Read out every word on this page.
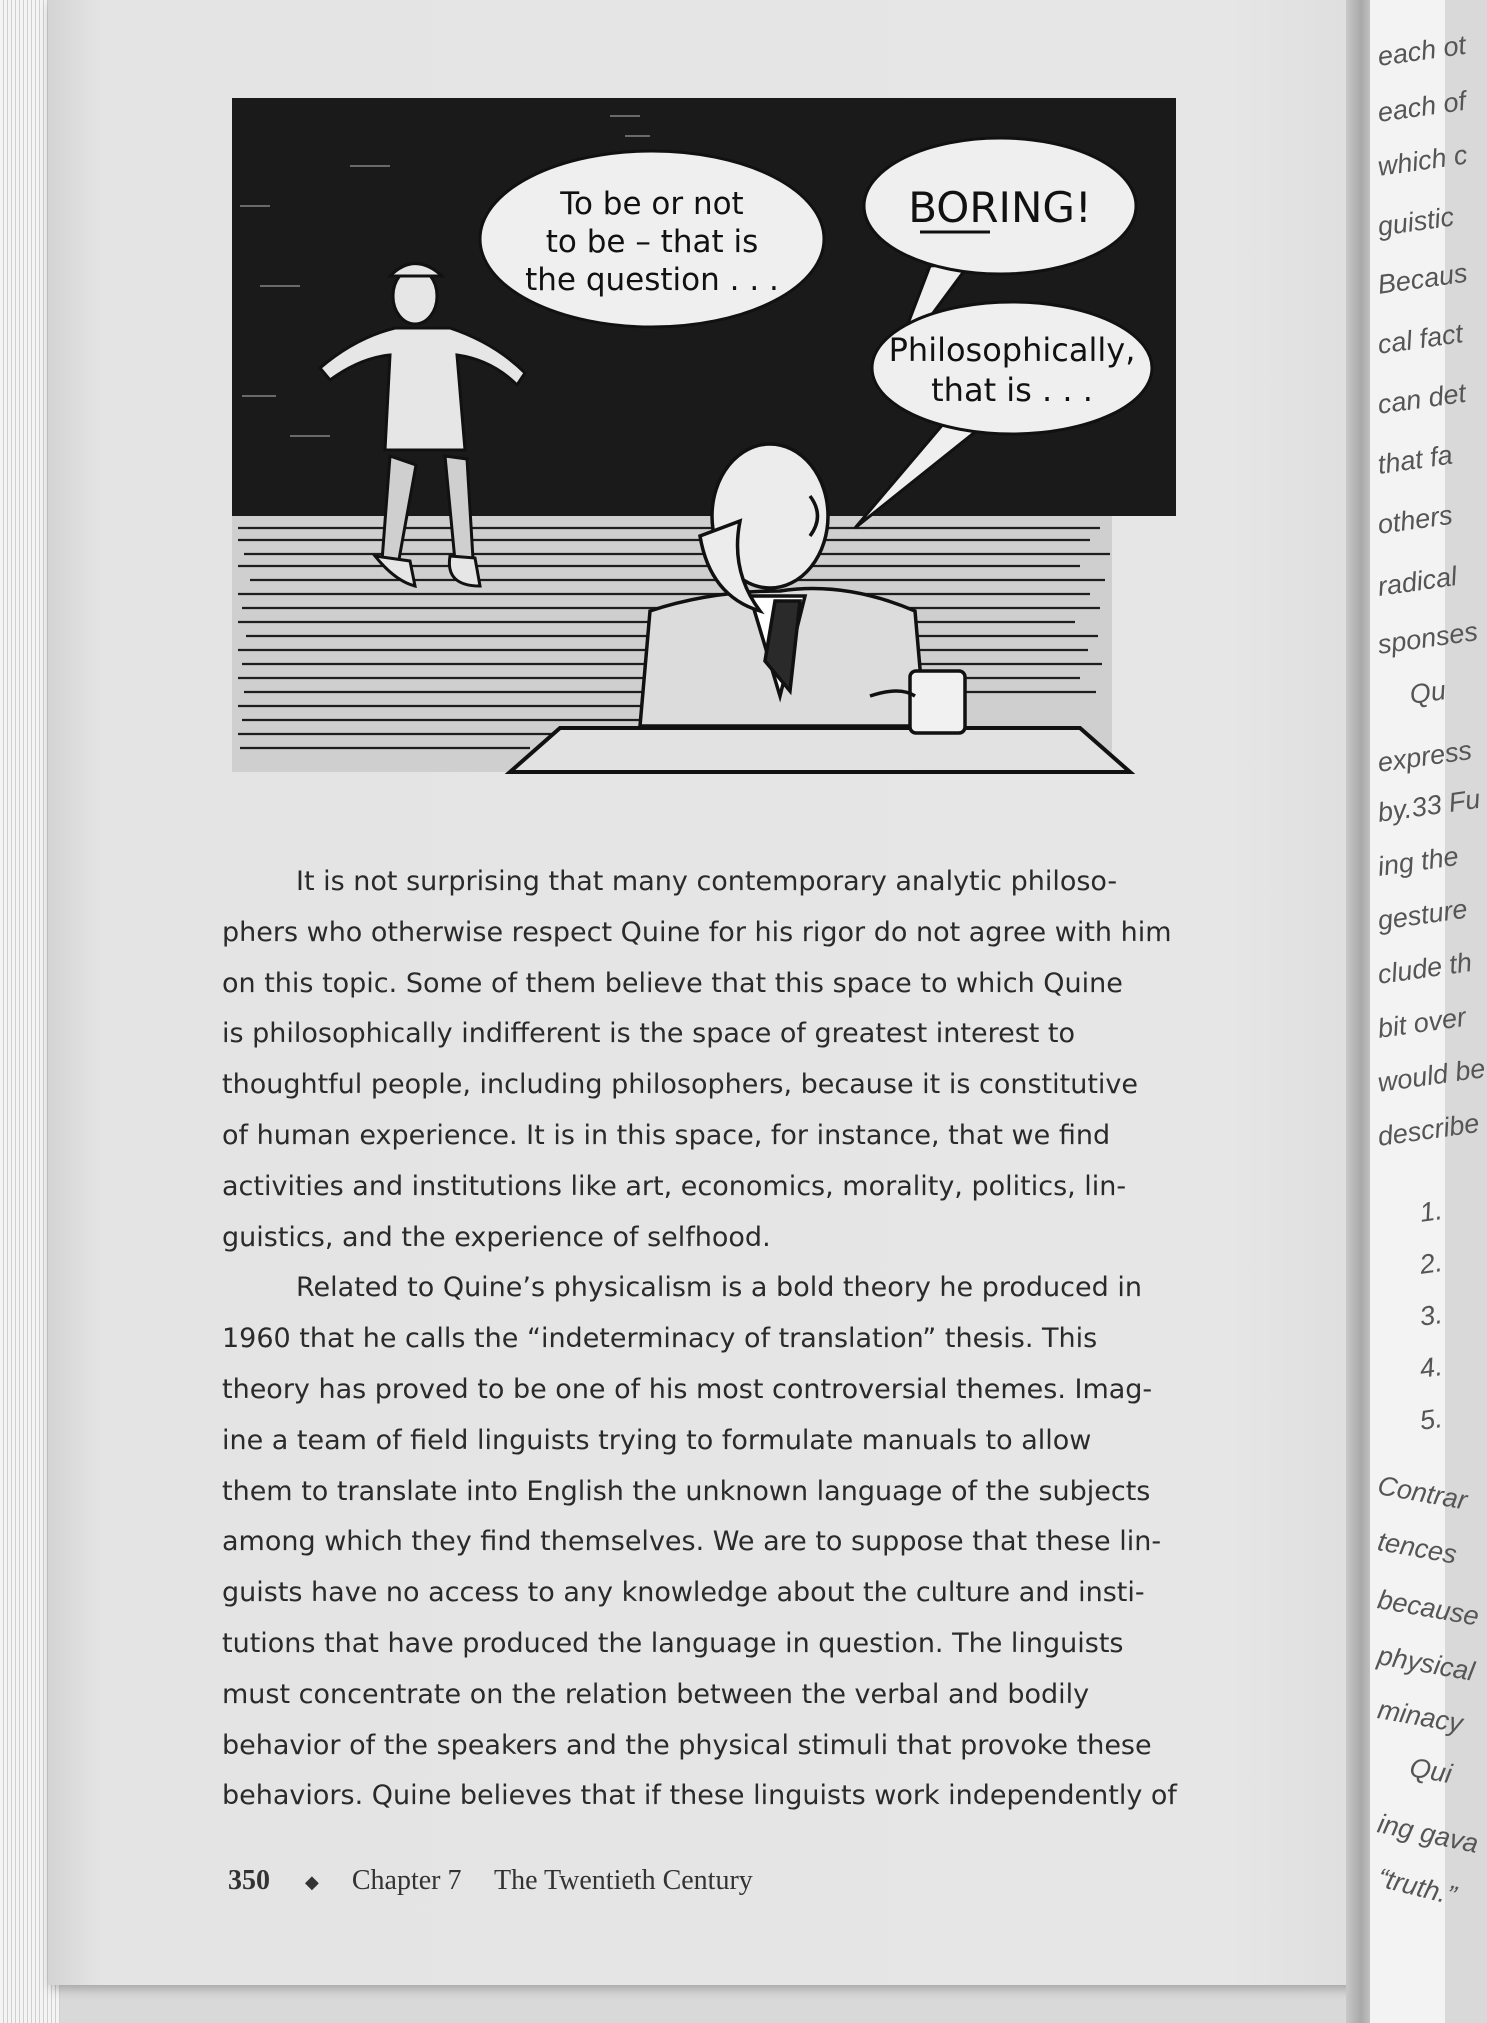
each ot
each of
which c
guistic
Becaus
cal fact
can det
that fa
others
radical
sponses
Qu
express
by.33 Fu
ing the
gesture
clude th
bit over
would be
describe
1.
2.
3.
4.
5.
Contrar
tences
because
physical
minacy
Qui
ing gava
“truth.”
To be or not
to be – that is
the question . . .
BORING!
Philosophically,
that is . . .
It is not surprising that many contemporary analytic philoso-
phers who otherwise respect Quine for his rigor do not agree with him
on this topic. Some of them believe that this space to which Quine
is philosophically indifferent is the space of greatest interest to
thoughtful people, including philosophers, because it is constitutive
of human experience. It is in this space, for instance, that we find
activities and institutions like art, economics, morality, politics, lin-
guistics, and the experience of selfhood.
Related to Quine’s physicalism is a bold theory he produced in
1960 that he calls the “indeterminacy of translation” thesis. This
theory has proved to be one of his most controversial themes. Imag-
ine a team of field linguists trying to formulate manuals to allow
them to translate into English the unknown language of the subjects
among which they find themselves. We are to suppose that these lin-
guists have no access to any knowledge about the culture and insti-
tutions that have produced the language in question. The linguists
must concentrate on the relation between the verbal and bodily
behavior of the speakers and the physical stimuli that provoke these
behaviors. Quine believes that if these linguists work independently of
350 ◆ Chapter 7 The Twentieth Century
